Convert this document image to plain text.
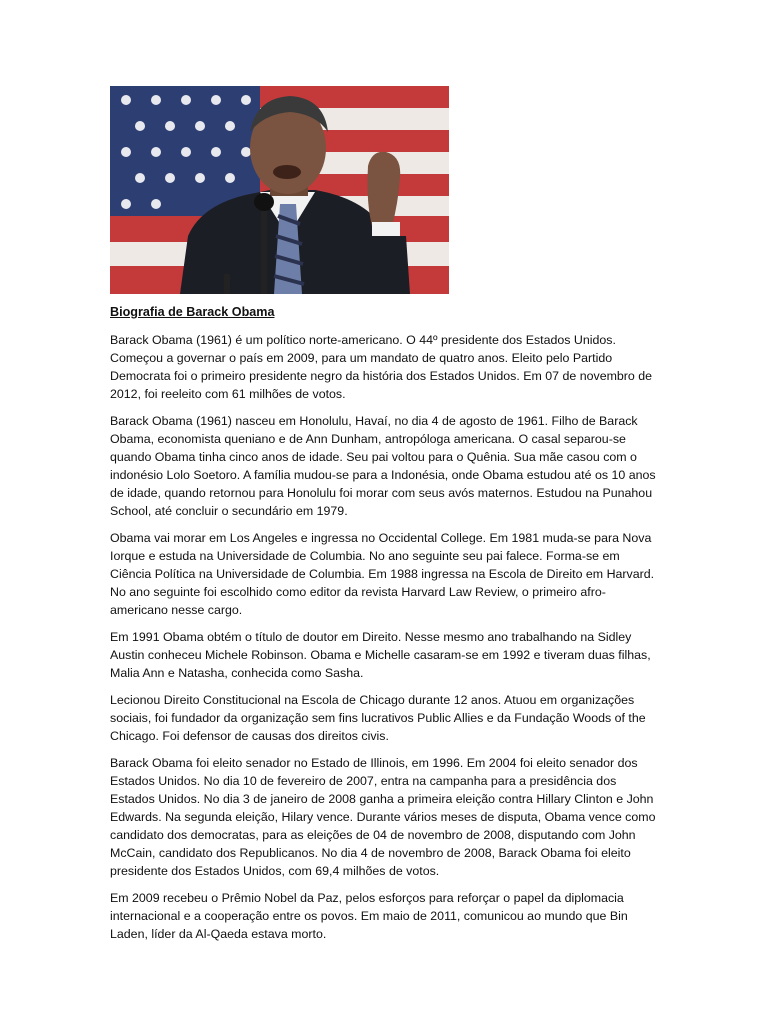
Biografia de Barack Obama

Barack Obama (1961) é um político norte-americano. O 44º presidente dos Estados Unidos. Começou a governar o país em 2009, para um mandato de quatro anos. Eleito pelo Partido Democrata foi o primeiro presidente negro da história dos Estados Unidos. Em 07 de novembro de 2012, foi reeleito com 61 milhões de votos.

Barack Obama (1961) nasceu em Honolulu, Havaí, no dia 4 de agosto de 1961. Filho de Barack Obama, economista queniano e de Ann Dunham, antropóloga americana. O casal separou-se quando Obama tinha cinco anos de idade. Seu pai voltou para o Quênia. Sua mãe casou com o indonésio Lolo Soetoro. A família mudou-se para a Indonésia, onde Obama estudou até os 10 anos de idade, quando retornou para Honolulu foi morar com seus avós maternos. Estudou na Punahou School, até concluir o secundário em 1979.

Obama vai morar em Los Angeles e ingressa no Occidental College. Em 1981 muda-se para Nova Iorque e estuda na Universidade de Columbia. No ano seguinte seu pai falece. Forma-se em Ciência Política na Universidade de Columbia. Em 1988 ingressa na Escola de Direito em Harvard. No ano seguinte foi escolhido como editor da revista Harvard Law Review, o primeiro afro-americano nesse cargo.

Em 1991 Obama obtém o título de doutor em Direito. Nesse mesmo ano trabalhando na Sidley Austin conheceu Michele Robinson. Obama e Michelle casaram-se em 1992 e tiveram duas filhas, Malia Ann e Natasha, conhecida como Sasha.

Lecionou Direito Constitucional na Escola de Chicago durante 12 anos. Atuou em organizações sociais, foi fundador da organização sem fins lucrativos Public Allies e da Fundação Woods of the Chicago. Foi defensor de causas dos direitos civis.

Barack Obama foi eleito senador no Estado de Illinois, em 1996. Em 2004 foi eleito senador dos Estados Unidos. No dia 10 de fevereiro de 2007, entra na campanha para a presidência dos Estados Unidos. No dia 3 de janeiro de 2008 ganha a primeira eleição contra Hillary Clinton e John Edwards. Na segunda eleição, Hilary vence. Durante vários meses de disputa, Obama vence como candidato dos democratas, para as eleições de 04 de novembro de 2008, disputando com John McCain, candidato dos Republicanos. No dia 4 de novembro de 2008, Barack Obama foi eleito presidente dos Estados Unidos, com 69,4 milhões de votos.

Em 2009 recebeu o Prêmio Nobel da Paz, pelos esforços para reforçar o papel da diplomacia internacional e a cooperação entre os povos. Em maio de 2011, comunicou ao mundo que Bin Laden, líder da Al-Qaeda estava morto.
